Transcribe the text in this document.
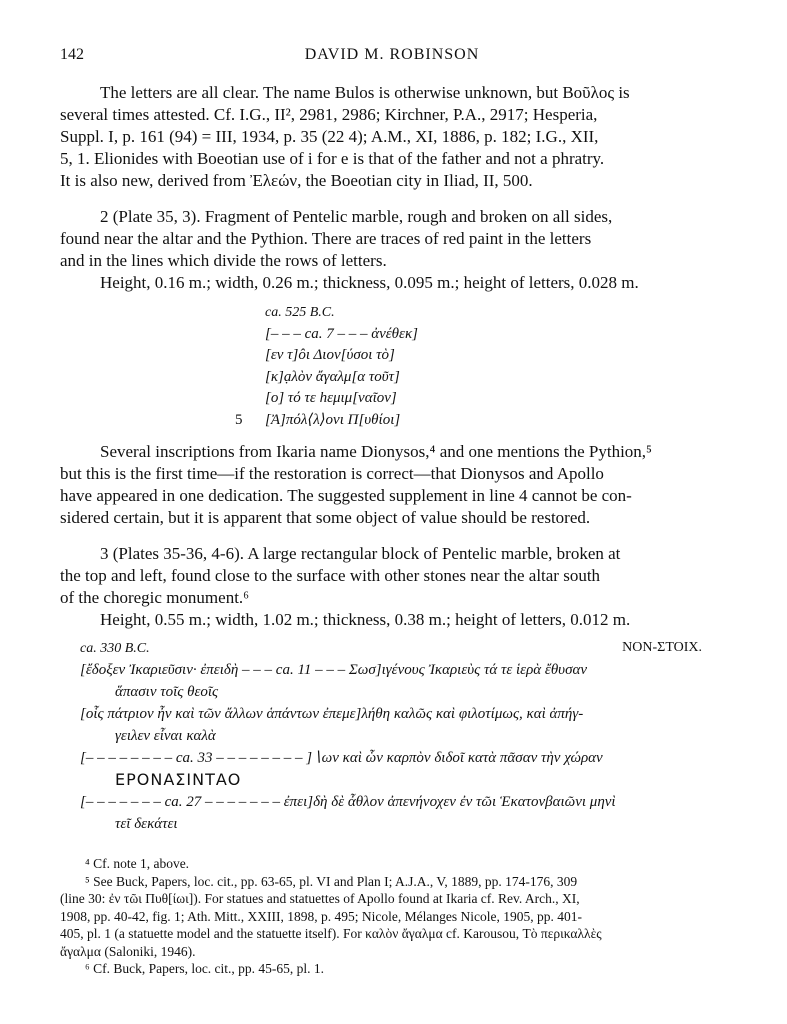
142	DAVID M. ROBINSON

The letters are all clear. The name Bulos is otherwise unknown, but Βοῦλος is

several times attested. Cf. I.G., II², 2981, 2986; Kirchner, P.A., 2917; Hesperia,

Suppl. I, p. 161 (94) = III, 1934, p. 35 (22 4); A.M., XI, 1886, p. 182; I.G., XII,

5, 1. Elionides with Boeotian use of i for e is that of the father and not a phratry.

It is also new, derived from Ἐλεών, the Boeotian city in Iliad, II, 500.

2 (Plate 35, 3). Fragment of Pentelic marble, rough and broken on all sides,

found near the altar and the Pythion. There are traces of red paint in the letters

and in the lines which divide the rows of letters.

Height, 0.16 m.; width, 0.26 m.; thickness, 0.095 m.; height of letters, 0.028 m.

ca. 525 B.C.
[– – – ca. 7 – – – ἀνέθεκ]
[εν τ]ôι Διον[ύσοι τὸ]
[κ]ạλὸν ἄγαλμ[α τοῦτ]
[ο] τό τε hεμιμ[ναῖον]
5 [Ἀ]πόλ⟨λ⟩ονι Π[υθίοι]

Several inscriptions from Ikaria name Dionysos,⁴ and one mentions the Pythion,⁵

but this is the first time—if the restoration is correct—that Dionysos and Apollo

have appeared in one dedication. The suggested supplement in line 4 cannot be con-

sidered certain, but it is apparent that some object of value should be restored.

3 (Plates 35-36, 4-6). A large rectangular block of Pentelic marble, broken at

the top and left, found close to the surface with other stones near the altar south

of the choregic monument.⁶

Height, 0.55 m.; width, 1.02 m.; thickness, 0.38 m.; height of letters, 0.012 m.

ca. 330 B.C.	NON-ΣTOIX.
[ἔδοξεν Ἰκαριεῦσιν· ἐπειδὴ – – – ca. 11 – – – Σωσ]ιγένους Ἰκαριεὺς τά τε ἱερὰ ἔθυσαν
ἅπασιν τοῖς θεοῖς
[οἷς πάτριον ἦν καὶ τῶν ἄλλων ἁπάντων ἐπεμε]λήθη καλῶς καὶ φιλοτίμως, καὶ ἀπήγ-
γειλεν εἶναι καλὰ
[– – – – – – – – ca. 33 – – – – – – – – ]∖ων καὶ ὧν καρπὸν διδοῖ κατὰ πᾶσαν τὴν χώραν
ΕΡΟΝΑΣΙΝΤΑΟ
[– – – – – – – ca. 27 – – – – – – – ἐπει]δὴ δὲ ἆθλον ἀπενήνοχεν ἐν τῶι Ἑκατονβαιῶνι μηνὶ
τεῖ δεκάτει

⁴ Cf. note 1, above.

⁵ See Buck, Papers, loc. cit., pp. 63-65, pl. VI and Plan I; A.J.A., V, 1889, pp. 174-176, 309

(line 30: ἐν τῶι Πυθ[ίωι]). For statues and statuettes of Apollo found at Ikaria cf. Rev. Arch., XI,

1908, pp. 40-42, fig. 1; Ath. Mitt., XXIII, 1898, p. 495; Nicole, Mélanges Nicole, 1905, pp. 401-

405, pl. 1 (a statuette model and the statuette itself). For καλὸν ἄγαλμα cf. Karousou, Τὸ περικαλλὲς

ἄγαλμα (Saloniki, 1946).

⁶ Cf. Buck, Papers, loc. cit., pp. 45-65, pl. 1.
